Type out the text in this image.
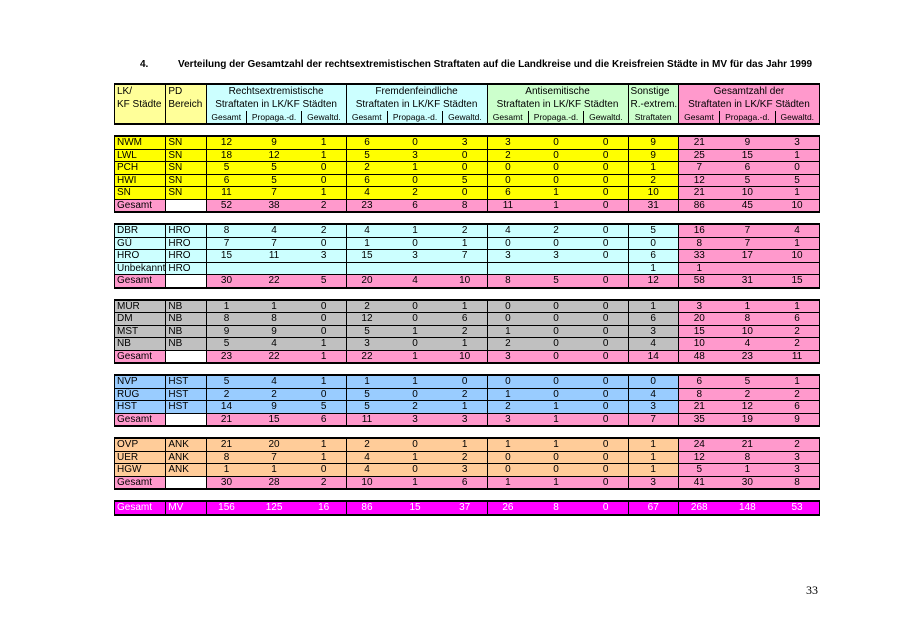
4.	Verteilung der Gesamtzahl der rechtsextremistischen Straftaten auf die Landkreise und die Kreisfreien Städte in MV für das Jahr 1999
LK/	PD	Rechtsextremistische			Fremdenfeindliche			Antisemitische			Sonstige	Gesamtzahl der		
KF Städte	Bereich	Straftaten in LK/KF Städten			Straftaten in LK/KF Städten			Straftaten in LK/KF Städten			R.-extrem.	Straftaten in LK/KF Städten		
		Gesamt	Propaga.-d.	Gewaltd.	Gesamt	Propaga.-d.	Gewaltd.	Gesamt	Propaga.-d.	Gewaltd.	Straftaten	Gesamt	Propaga.-d.	Gewaltd.

NWM	SN	12	9	1	6	0	3	3	0	0	9	21	9	3
LWL	SN	18	12	1	5	3	0	2	0	0	9	25	15	1
PCH	SN	5	5	0	2	1	0	0	0	0	1	7	6	0
HWI	SN	6	5	0	6	0	5	0	0	0	2	12	5	5
SN	SN	11	7	1	4	2	0	6	1	0	10	21	10	1
Gesamt		52	38	2	23	6	8	11	1	0	31	86	45	10

DBR	HRO	8	4	2	4	1	2	4	2	0	5	16	7	4
GÜ	HRO	7	7	0	1	0	1	0	0	0	0	8	7	1
HRO	HRO	15	11	3	15	3	7	3	3	0	6	33	17	10
Unbekannt	HRO										1	1		
Gesamt		30	22	5	20	4	10	8	5	0	12	58	31	15

MÜR	NB	1	1	0	2	0	1	0	0	0	1	3	1	1
DM	NB	8	8	0	12	0	6	0	0	0	6	20	8	6
MST	NB	9	9	0	5	1	2	1	0	0	3	15	10	2
NB	NB	5	4	1	3	0	1	2	0	0	4	10	4	2
Gesamt		23	22	1	22	1	10	3	0	0	14	48	23	11

NVP	HST	5	4	1	1	1	0	0	0	0	0	6	5	1
RÜG	HST	2	2	0	5	0	2	1	0	0	4	8	2	2
HST	HST	14	9	5	5	2	1	2	1	0	3	21	12	6
Gesamt		21	15	6	11	3	3	3	1	0	7	35	19	9

OVP	ANK	21	20	1	2	0	1	1	1	0	1	24	21	2
UER	ANK	8	7	1	4	1	2	0	0	0	1	12	8	3
HGW	ANK	1	1	0	4	0	3	0	0	0	1	5	1	3
Gesamt		30	28	2	10	1	6	1	1	0	3	41	30	8

Gesamt	MV	156	125	16	86	15	37	26	8	0	67	268	148	53
33
